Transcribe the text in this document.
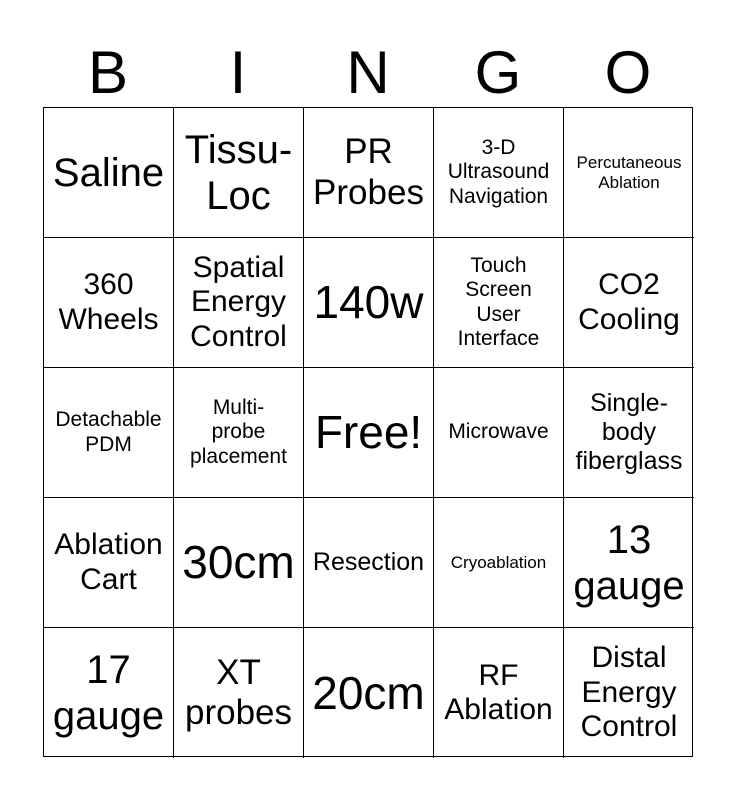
B	I	N	G	O
Saline
Tissu-
Loc
PR
Probes
3-D
Ultrasound
Navigation
Percutaneous
Ablation
360
Wheels
Spatial
Energy
Control
140w
Touch
Screen
User
Interface
CO2
Cooling
Detachable
PDM
Multi-
probe
placement Free! Microwave
Single-
body
fiberglass
Ablation
Cart 30cm Resection Cryoablation
13
gauge
17
gauge
XT
probes 20cm	RF
Ablation
Distal
Energy
Control
